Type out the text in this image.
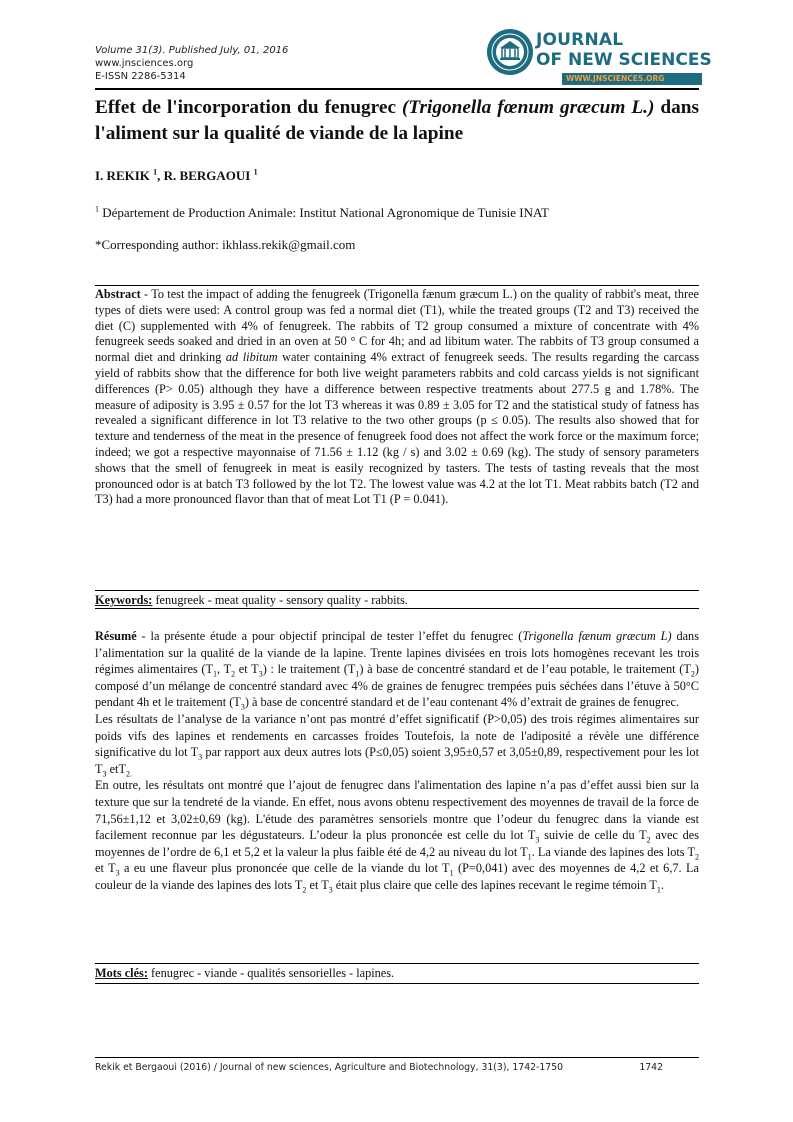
Volume 31(3). Published July, 01, 2016
www.jnsciences.org
E-ISSN 2286-5314
JOURNAL
OF NEW SCIENCES
WWW.JNSCIENCES.ORG
Effet de l'incorporation du fenugrec (Trigonella fœnum græcum L.) dans l'aliment sur la qualité de viande de la lapine
I. REKIK $^1$, R. BERGAOUI $^1$
$^1$ Département de Production Animale: Institut National Agronomique de Tunisie INAT
*Corresponding author: ikhlass.rekik@gmail.com
Abstract - To test the impact of adding the fenugreek (Trigonella fænum græcum L.) on the quality of rabbit's meat, three types of diets were used: A control group was fed a normal diet (T1), while the treated groups (T2 and T3) received the diet (C) supplemented with 4% of fenugreek. The rabbits of T2 group consumed a mixture of concentrate with 4% fenugreek seeds soaked and dried in an oven at 50 ° C for 4h; and ad libitum water. The rabbits of T3 group consumed a normal diet and drinking ad libitum water containing 4% extract of fenugreek seeds. The results regarding the carcass yield of rabbits show that the difference for both live weight parameters rabbits and cold carcass yields is not significant differences (P> 0.05) although they have a difference between respective treatments about 277.5 g and 1.78%. The measure of adiposity is 3.95 ± 0.57 for the lot T3 whereas it was 0.89 ± 3.05 for T2 and the statistical study of fatness has revealed a significant difference in lot T3 relative to the two other groups (p ≤ 0.05). The results also showed that for texture and tenderness of the meat in the presence of fenugreek food does not affect the work force or the maximum force; indeed; we got a respective mayonnaise of 71.56 ± 1.12 (kg / s) and 3.02 ± 0.69 (kg). The study of sensory parameters shows that the smell of fenugreek in meat is easily recognized by tasters. The tests of tasting reveals that the most pronounced odor is at batch T3 followed by the lot T2. The lowest value was 4.2 at the lot T1. Meat rabbits batch (T2 and T3) had a more pronounced flavor than that of meat Lot T1 (P = 0.041).
Keywords: fenugreek - meat quality - sensory quality - rabbits.

Résumé - la présente étude a pour objectif principal de tester l’effet du fenugrec (Trigonella fænum græcum L) dans l’alimentation sur la qualité de la viande de la lapine. Trente lapines divisées en trois lots homogènes recevant les trois régimes alimentaires ($T_1$, $T_2$ et $T_3$) : le traitement $(T_1)$ à base de concentré standard et de l’eau potable, le traitement $(T_2)$ composé d’un mélange de concentré standard avec 4% de graines de fenugrec trempées puis séchées dans l’étuve à 50°C pendant 4h et le traitement $(T_3)$ à base de concentré standard et de l’eau contenant 4% d’extrait de graines de fenugrec.

Les résultats de l’analyse de la variance n’ont pas montré d’effet significatif (P>0,05) des trois régimes alimentaires sur poids vifs des lapines et rendements en carcasses froides Toutefois, la note de l'adiposité a révèle une différence significative du lot $T_3$ par rapport aux deux autres lots (P≤0,05) soient 3,95±0,57 et 3,05±0,89, respectivement pour les lot $T_3$ etT$_{2.}$

En outre, les résultats ont montré que l’ajout de fenugrec dans l'alimentation des lapine n’a pas d’effet aussi bien sur la texture que sur la tendreté de la viande. En effet, nous avons obtenu respectivement des moyennes de travail de la force de 71,56±1,12 et 3,02±0,69 (kg). L'étude des paramètres sensoriels montre que l’odeur du fenugrec dans la viande est facilement reconnue par les dégustateurs. L’odeur la plus prononcée est celle du lot $T_3$ suivie de celle du $T_2$ avec des moyennes de l’ordre de 6,1 et 5,2 et la valeur la plus faible été de 4,2 au niveau du lot $T_1$. La viande des lapines des lots $T_2$ et $T_3$ a eu une flaveur plus prononcée que celle de la viande du lot $T_1$ (P=0,041) avec des moyennes de 4,2 et 6,7. La couleur de la viande des lapines des lots $T_2$ et $T_3$ était plus claire que celle des lapines recevant le regime témoin $T_1$.

Mots clés: fenugrec - viande - qualités sensorielles - lapines.
Rekik et Bergaoui (2016) / Journal of new sciences, Agriculture and Biotechnology, 31(3), 1742-1750	1742
